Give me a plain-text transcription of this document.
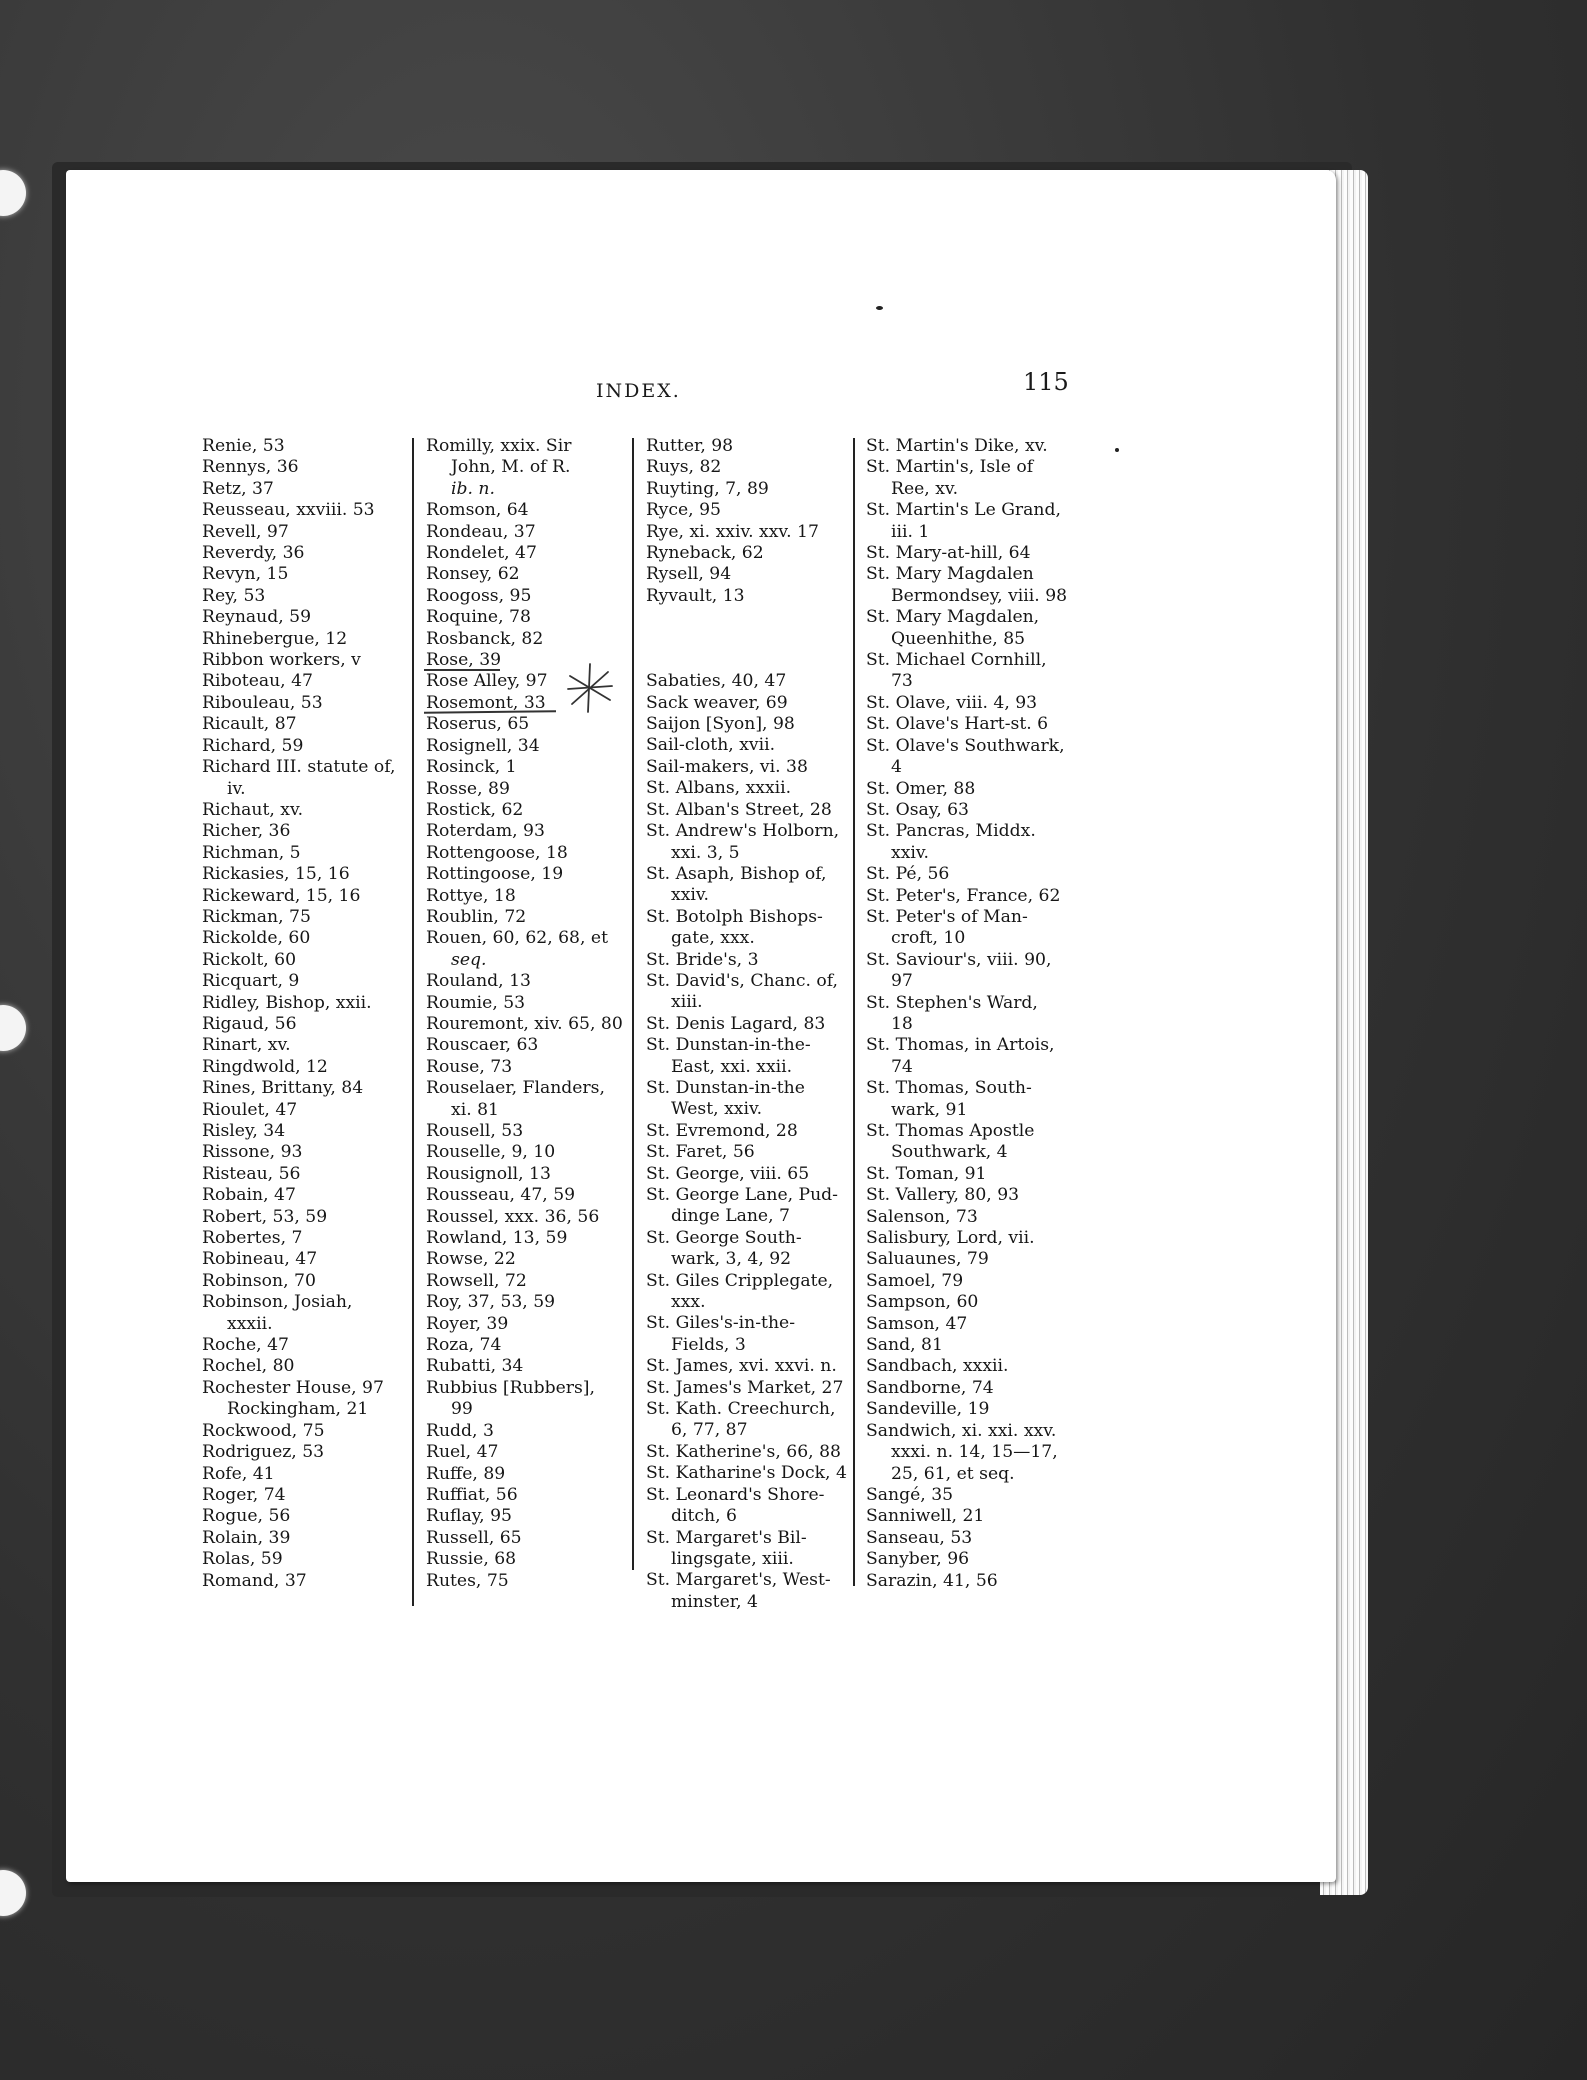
INDEX.	115

Renie, 53

Rennys, 36

Retz, 37

Reusseau, xxviii. 53

Revell, 97

Reverdy, 36

Revyn, 15

Rey, 53

Reynaud, 59

Rhinebergue, 12

Ribbon workers, v

Riboteau, 47

Ribouleau, 53

Ricault, 87

Richard, 59

Richard III. statute of,

iv.

Richaut, xv.

Richer, 36

Richman, 5

Rickasies, 15, 16

Rickeward, 15, 16

Rickman, 75

Rickolde, 60

Rickolt, 60

Ricquart, 9

Ridley, Bishop, xxii.

Rigaud, 56

Rinart, xv.

Ringdwold, 12

Rines, Brittany, 84

Rioulet, 47

Risley, 34

Rissone, 93

Risteau, 56

Robain, 47

Robert, 53, 59

Robertes, 7

Robineau, 47

Robinson, 70

Robinson, Josiah,

xxxii.

Roche, 47

Rochel, 80

Rochester House, 97

Rockingham, 21

Rockwood, 75

Rodriguez, 53

Rofe, 41

Roger, 74

Rogue, 56

Rolain, 39

Rolas, 59

Romand, 37

Romilly, xxix. Sir

John, M. of R.

ib. n.

Romson, 64

Rondeau, 37

Rondelet, 47

Ronsey, 62

Roogoss, 95

Roquine, 78

Rosbanck, 82

Rose, 39

Rose Alley, 97

Rosemont, 33

Roserus, 65

Rosignell, 34

Rosinck, 1

Rosse, 89

Rostick, 62

Roterdam, 93

Rottengoose, 18

Rottingoose, 19

Rottye, 18

Roublin, 72

Rouen, 60, 62, 68, et

seq.

Rouland, 13

Roumie, 53

Rouremont, xiv. 65, 80

Rouscaer, 63

Rouse, 73

Rouselaer, Flanders,

xi. 81

Rousell, 53

Rouselle, 9, 10

Rousignoll, 13

Rousseau, 47, 59

Roussel, xxx. 36, 56

Rowland, 13, 59

Rowse, 22

Rowsell, 72

Roy, 37, 53, 59

Royer, 39

Roza, 74

Rubatti, 34

Rubbius [Rubbers],

99

Rudd, 3

Ruel, 47

Ruffe, 89

Ruffiat, 56

Ruflay, 95

Russell, 65

Russie, 68

Rutes, 75

Rutter, 98

Ruys, 82

Ruyting, 7, 89

Ryce, 95

Rye, xi. xxiv. xxv. 17

Ryneback, 62

Rysell, 94

Ryvault, 13

Sabaties, 40, 47

Sack weaver, 69

Saijon [Syon], 98

Sail-cloth, xvii.

Sail-makers, vi. 38

St. Albans, xxxii.

St. Alban's Street, 28

St. Andrew's Holborn,

xxi. 3, 5

St. Asaph, Bishop of,

xxiv.

St. Botolph Bishops-

gate, xxx.

St. Bride's, 3

St. David's, Chanc. of,

xiii.

St. Denis Lagard, 83

St. Dunstan-in-the-

East, xxi. xxii.

St. Dunstan-in-the

West, xxiv.

St. Evremond, 28

St. Faret, 56

St. George, viii. 65

St. George Lane, Pud-

dinge Lane, 7

St. George South-

wark, 3, 4, 92

St. Giles Cripplegate,

xxx.

St. Giles's-in-the-

Fields, 3

St. James, xvi. xxvi. n.

St. James's Market, 27

St. Kath. Creechurch,

6, 77, 87

St. Katherine's, 66, 88

St. Katharine's Dock, 4

St. Leonard's Shore-

ditch, 6

St. Margaret's Bil-

lingsgate, xiii.

St. Margaret's, West-

minster, 4

St. Martin's Dike, xv.

St. Martin's, Isle of

Ree, xv.

St. Martin's Le Grand,

iii. 1

St. Mary-at-hill, 64

St. Mary Magdalen

Bermondsey, viii. 98

St. Mary Magdalen,

Queenhithe, 85

St. Michael Cornhill,

73

St. Olave, viii. 4, 93

St. Olave's Hart-st. 6

St. Olave's Southwark,

4

St. Omer, 88

St. Osay, 63

St. Pancras, Middx.

xxiv.

St. Pé, 56

St. Peter's, France, 62

St. Peter's of Man-

croft, 10

St. Saviour's, viii. 90,

97

St. Stephen's Ward,

18

St. Thomas, in Artois,

74

St. Thomas, South-

wark, 91

St. Thomas Apostle

Southwark, 4

St. Toman, 91

St. Vallery, 80, 93

Salenson, 73

Salisbury, Lord, vii.

Saluaunes, 79

Samoel, 79

Sampson, 60

Samson, 47

Sand, 81

Sandbach, xxxii.

Sandborne, 74

Sandeville, 19

Sandwich, xi. xxi. xxv.

xxxi. n. 14, 15—17,

25, 61, et seq.

Sangé, 35

Sanniwell, 21

Sanseau, 53

Sanyber, 96

Sarazin, 41, 56
